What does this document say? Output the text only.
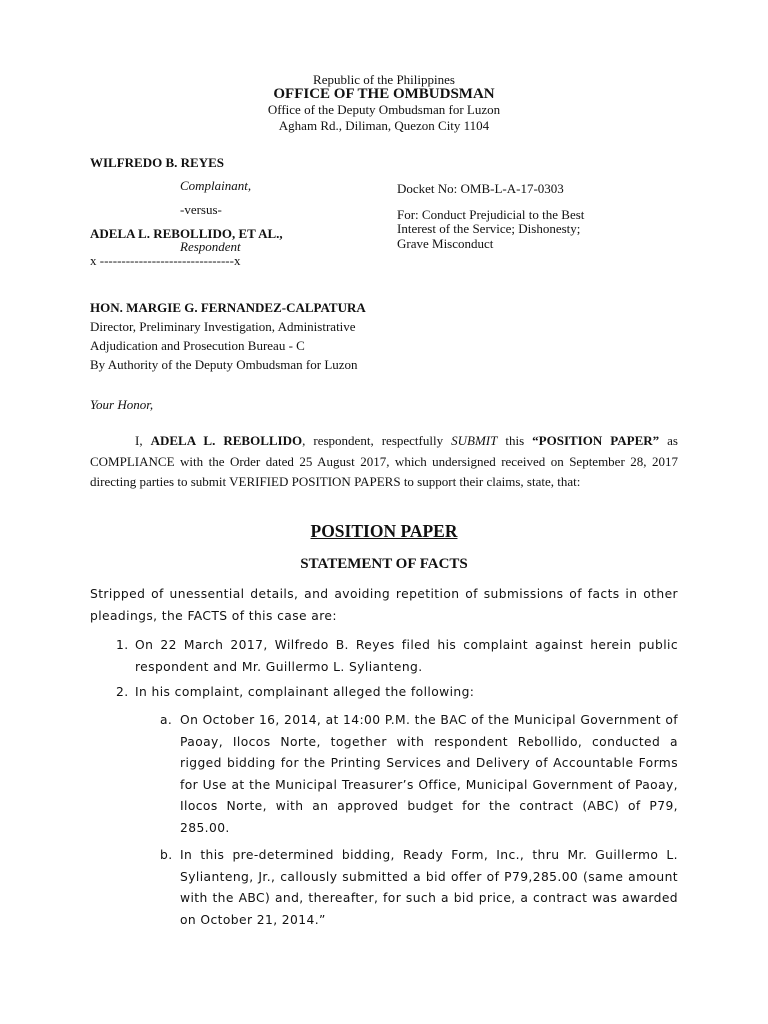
Republic of the Philippines
OFFICE OF THE OMBUDSMAN
Office of the Deputy Ombudsman for Luzon
Agham Rd., Diliman, Quezon City 1104
WILFREDO B. REYES
Complainant,
-versus-
ADELA L. REBOLLIDO, ET AL.,
Respondent
x -------------------------------x
Docket No: OMB-L-A-17-0303
For: Conduct Prejudicial to the Best
Interest of the Service; Dishonesty;
Grave Misconduct
HON. MARGIE G. FERNANDEZ-CALPATURA
Director, Preliminary Investigation, Administrative
Adjudication and Prosecution Bureau - C
By Authority of the Deputy Ombudsman for Luzon
Your Honor,
I, ADELA L. REBOLLIDO, respondent, respectfully SUBMIT this “POSITION PAPER” as COMPLIANCE with the Order dated 25 August 2017, which undersigned received on September 28, 2017 directing parties to submit VERIFIED POSITION PAPERS to support their claims, state, that:
POSITION PAPER
STATEMENT OF FACTS
Stripped of unessential details, and avoiding repetition of submissions of facts in other pleadings, the FACTS of this case are:
1. On 22 March 2017, Wilfredo B. Reyes filed his complaint against herein public respondent and Mr. Guillermo L. Sylianteng.
2. In his complaint, complainant alleged the following:
a. On October 16, 2014, at 14:00 P.M. the BAC of the Municipal Government of Paoay, Ilocos Norte, together with respondent Rebollido, conducted a rigged bidding for the Printing Services and Delivery of Accountable Forms for Use at the Municipal Treasurer’s Office, Municipal Government of Paoay, Ilocos Norte, with an approved budget for the contract (ABC) of P79, 285.00.
b. In this pre-determined bidding, Ready Form, Inc., thru Mr. Guillermo L. Sylianteng, Jr., callously submitted a bid offer of P79,285.00 (same amount with the ABC) and, thereafter, for such a bid price, a contract was awarded on October 21, 2014.”
